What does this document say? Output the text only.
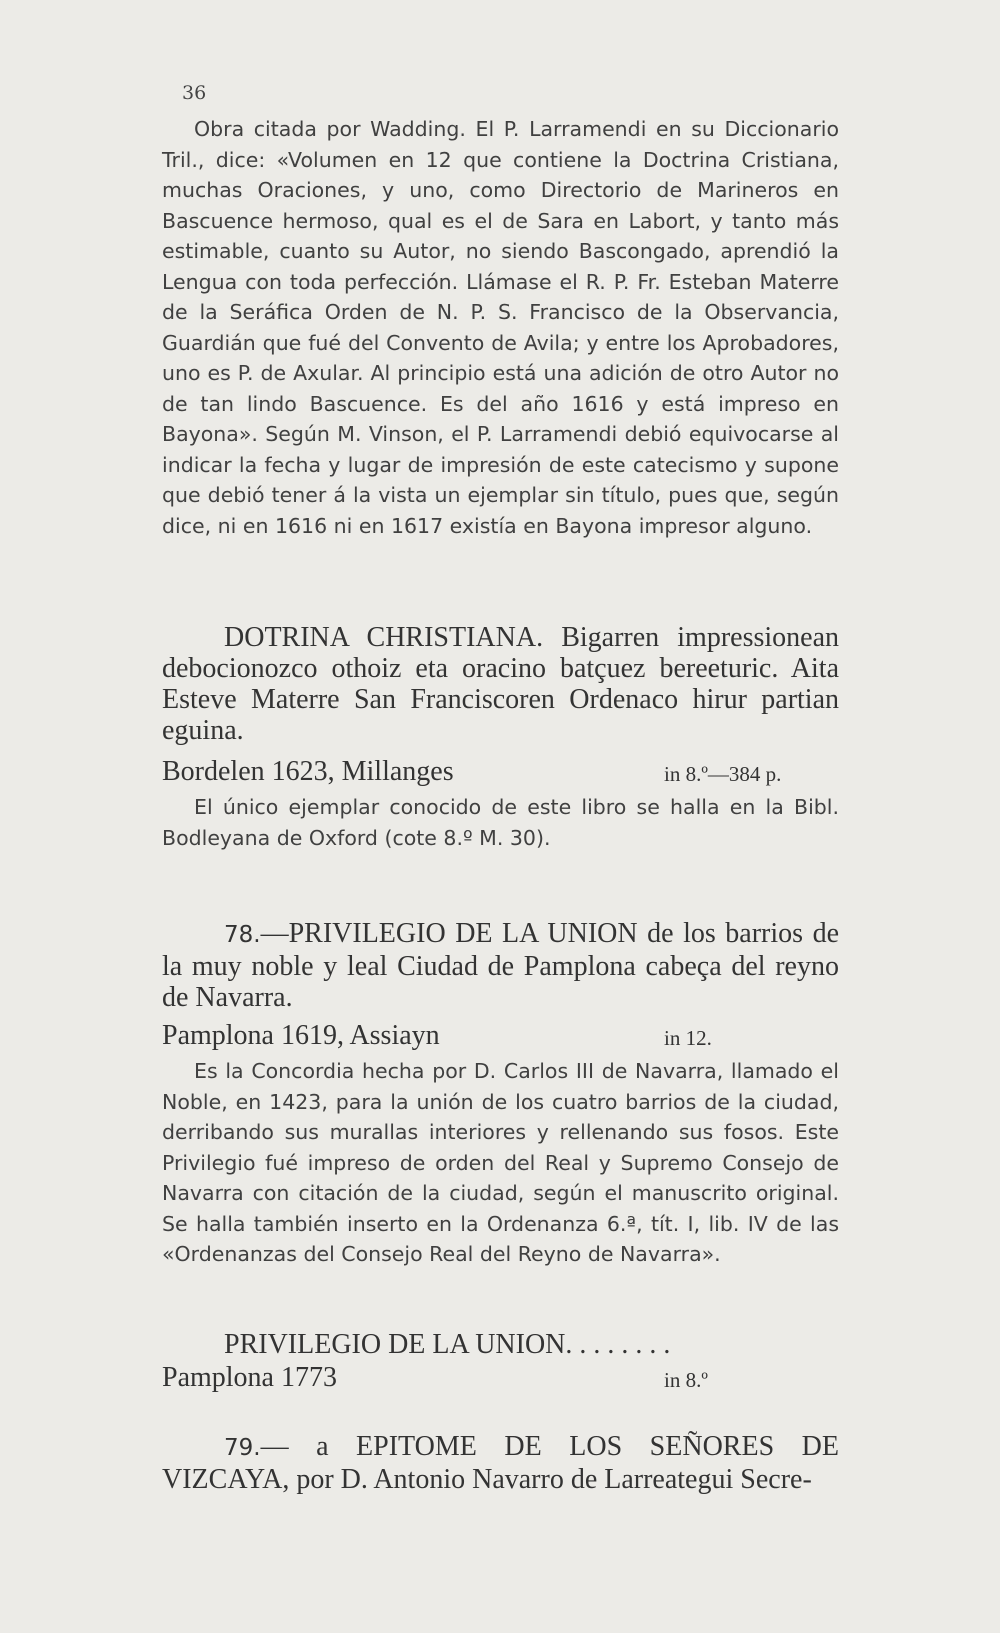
36

Obra citada por Wadding. El P. Larramendi en su Diccionario Tril., dice: «Volumen en 12 que contiene la Doctrina Cristiana, muchas Oraciones, y uno, como Directorio de Marineros en Bascuence hermoso, qual es el de Sara en Labort, y tanto más estimable, cuanto su Autor, no siendo Bascongado, aprendió la Lengua con toda perfección. Llámase el R. P. Fr. Esteban Materre de la Seráfica Orden de N. P. S. Francisco de la Observancia, Guardián que fué del Convento de Avila; y entre los Aprobadores, uno es P. de Axular. Al principio está una adición de otro Autor no de tan lindo Bascuence. Es del año 1616 y está impreso en Bayona». Según M. Vinson, el P. Larramendi debió equivocarse al indicar la fecha y lugar de impresión de este catecismo y supone que debió tener á la vista un ejemplar sin título, pues que, según dice, ni en 1616 ni en 1617 existía en Bayona impresor alguno.

DOTRINA CHRISTIANA. Bigarren impressionean debocionozco othoiz eta oracino batçuez bereeturic. Aita Esteve Materre San Franciscoren Ordenaco hirur partian eguina.

Bordelen 1623, Millanges	in 8.º—384 p.

El único ejemplar conocido de este libro se halla en la Bibl. Bodleyana de Oxford (cote 8.º M. 30).

78.—PRIVILEGIO DE LA UNION de los barrios de la muy noble y leal Ciudad de Pamplona cabeça del reyno de Navarra.

Pamplona 1619, Assiayn	in 12.

Es la Concordia hecha por D. Carlos III de Navarra, llamado el Noble, en 1423, para la unión de los cuatro barrios de la ciudad, derribando sus murallas interiores y rellenando sus fosos. Este Privilegio fué impreso de orden del Real y Supremo Consejo de Navarra con citación de la ciudad, según el manuscrito original. Se halla también inserto en la Ordenanza 6.ª, tít. I, lib. IV de las «Ordenanzas del Consejo Real del Reyno de Navarra».

PRIVILEGIO DE LA UNION. . . . . . . .

Pamplona 1773	in 8.º

79.— a EPITOME DE LOS SEÑORES DE VIZCAYA, por D. Antonio Navarro de Larreategui Secre-
